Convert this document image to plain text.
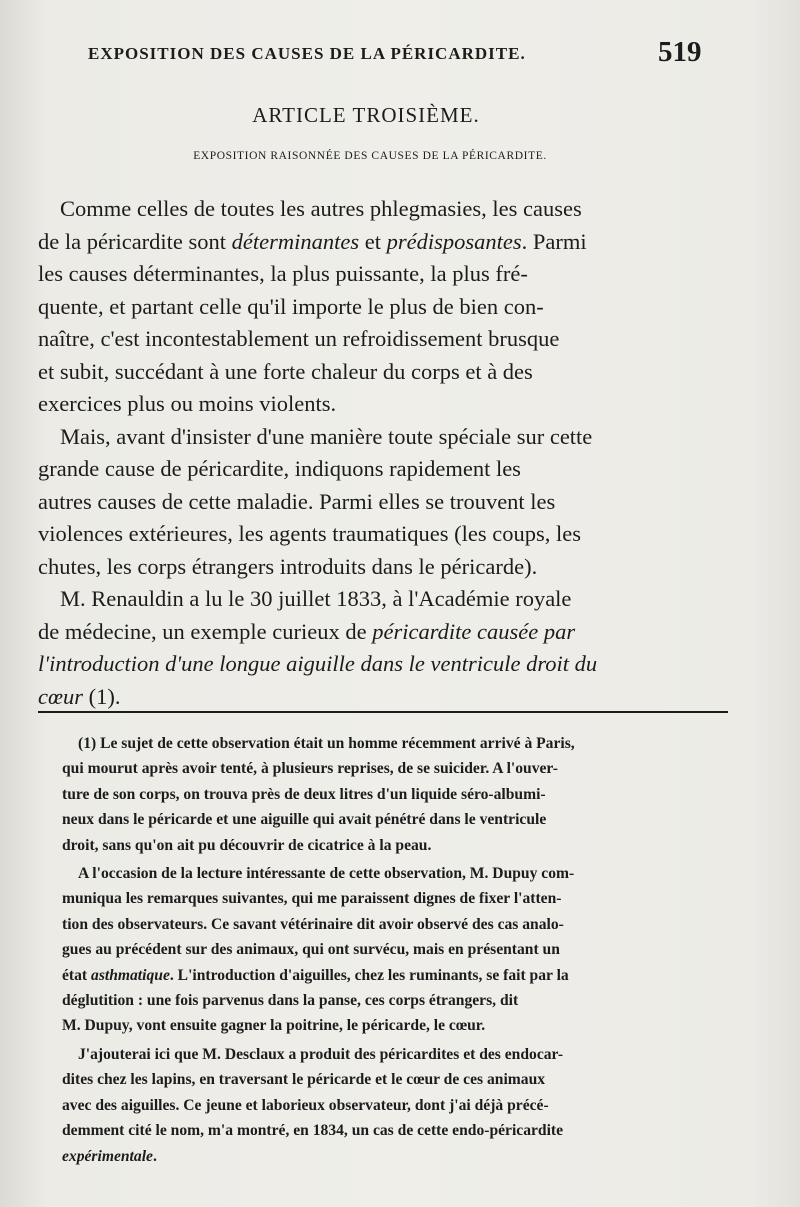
EXPOSITION DES CAUSES DE LA PÉRICARDITE.	519
ARTICLE TROISIÈME.
EXPOSITION RAISONNÉE DES CAUSES DE LA PÉRICARDITE.
Comme celles de toutes les autres phlegmasies, les causes
de la péricardite sont déterminantes et prédisposantes. Parmi
les causes déterminantes, la plus puissante, la plus fré-
quente, et partant celle qu'il importe le plus de bien con-
naître, c'est incontestablement un refroidissement brusque
et subit, succédant à une forte chaleur du corps et à des
exercices plus ou moins violents.
Mais, avant d'insister d'une manière toute spéciale sur cette
grande cause de péricardite, indiquons rapidement les
autres causes de cette maladie. Parmi elles se trouvent les
violences extérieures, les agents traumatiques (les coups, les
chutes, les corps étrangers introduits dans le péricarde).
M. Renauldin a lu le 30 juillet 1833, à l'Académie royale
de médecine, un exemple curieux de péricardite causée par
l'introduction d'une longue aiguille dans le ventricule droit du
cœur (1).
(1) Le sujet de cette observation était un homme récemment arrivé à Paris,
qui mourut après avoir tenté, à plusieurs reprises, de se suicider. A l'ouver-
ture de son corps, on trouva près de deux litres d'un liquide séro-albumi-
neux dans le péricarde et une aiguille qui avait pénétré dans le ventricule
droit, sans qu'on ait pu découvrir de cicatrice à la peau.
A l'occasion de la lecture intéressante de cette observation, M. Dupuy com-
muniqua les remarques suivantes, qui me paraissent dignes de fixer l'atten-
tion des observateurs. Ce savant vétérinaire dit avoir observé des cas analo-
gues au précédent sur des animaux, qui ont survécu, mais en présentant un
état asthmatique. L'introduction d'aiguilles, chez les ruminants, se fait par la
déglutition : une fois parvenus dans la panse, ces corps étrangers, dit
M. Dupuy, vont ensuite gagner la poitrine, le péricarde, le cœur.
J'ajouterai ici que M. Desclaux a produit des péricardites et des endocar-
dites chez les lapins, en traversant le péricarde et le cœur de ces animaux
avec des aiguilles. Ce jeune et laborieux observateur, dont j'ai déjà précé-
demment cité le nom, m'a montré, en 1834, un cas de cette endo-péricardite
expérimentale.
